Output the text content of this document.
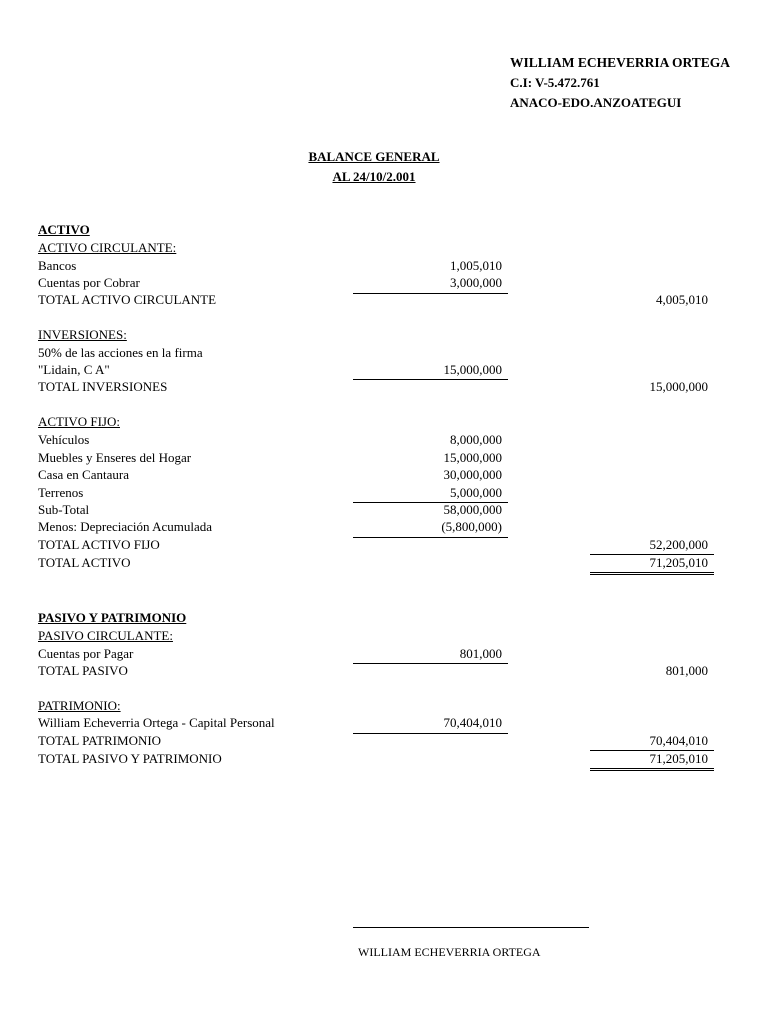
WILLIAM ECHEVERRIA ORTEGA
C.I: V-5.472.761
ANACO-EDO.ANZOATEGUI
BALANCE GENERAL
AL 24/10/2.001
ACTIVO
ACTIVO CIRCULANTE:
Bancos	1,005,010
Cuentas por Cobrar	3,000,000
TOTAL ACTIVO CIRCULANTE	4,005,010
INVERSIONES:
50% de las acciones en la firma
"Lidain, C A"	15,000,000
TOTAL INVERSIONES	15,000,000
ACTIVO FIJO:
Vehículos	8,000,000
Muebles y Enseres del Hogar	15,000,000
Casa en Cantaura	30,000,000
Terrenos	5,000,000
Sub-Total	58,000,000
Menos: Depreciación Acumulada	(5,800,000)
TOTAL ACTIVO FIJO	52,200,000
TOTAL ACTIVO	71,205,010
PASIVO Y PATRIMONIO
PASIVO CIRCULANTE:
Cuentas por Pagar	801,000
TOTAL PASIVO	801,000
PATRIMONIO:
William Echeverria Ortega - Capital Personal	70,404,010
TOTAL PATRIMONIO	70,404,010
TOTAL PASIVO Y PATRIMONIO	71,205,010
WILLIAM ECHEVERRIA ORTEGA
